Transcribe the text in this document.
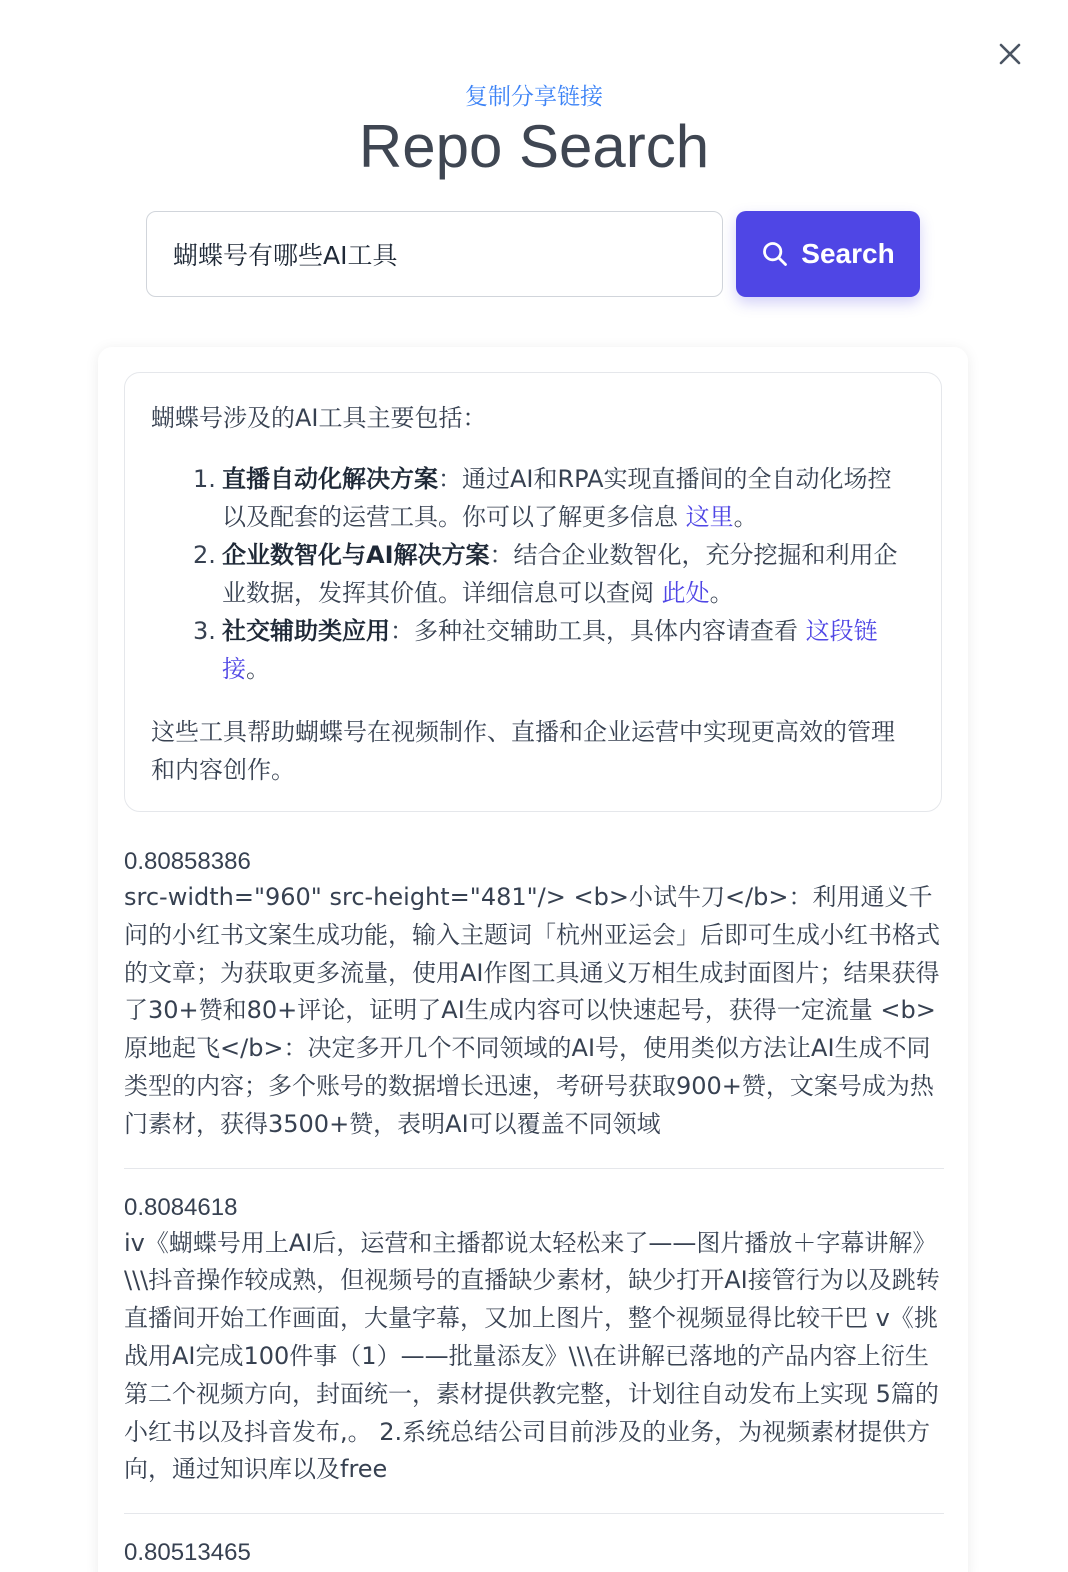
复制分享链接
Repo Search
蝴蝶号有哪些AI工具
Search

蝴蝶号涉及的AI工具主要包括：

1. 直播自动化解决方案：通过AI和RPA实现直播间的全自动化场控以及配套的运营工具。你可以了解更多信息 这里。
2. 企业数智化与AI解决方案：结合企业数智化，充分挖掘和利用企业数据，发挥其价值。详细信息可以查阅 此处。
3. 社交辅助类应用：多种社交辅助工具，具体内容请查看 这段链接。

这些工具帮助蝴蝶号在视频制作、直播和企业运营中实现更高效的管理和内容创作。

0.80858386
src-width="960" src-height="481"/> <b>小试牛刀</b>：利用通义千问的小红书文案生成功能，输入主题词「杭州亚运会」后即可生成小红书格式的文章；为获取更多流量，使用AI作图工具通义万相生成封面图片；结果获得了30+赞和80+评论，证明了AI生成内容可以快速起号，获得一定流量 <b>原地起飞</b>：决定多开几个不同领域的AI号，使用类似方法让AI生成不同类型的内容；多个账号的数据增长迅速，考研号获取900+赞，文案号成为热门素材，获得3500+赞，表明AI可以覆盖不同领域
0.8084618
iv《蝴蝶号用上AI后，运营和主播都说太轻松来了——图片播放＋字幕讲解》\\\抖音操作较成熟，但视频号的直播缺少素材，缺少打开AI接管行为以及跳转直播间开始工作画面，大量字幕，又加上图片，整个视频显得比较干巴 v《挑战用AI完成100件事（1）——批量添友》\\\在讲解已落地的产品内容上衍生第二个视频方向，封面统一，素材提供教完整，计划往自动发布上实现 5篇的小红书以及抖音发布,。 2.系统总结公司目前涉及的业务，为视频素材提供方向，通过知识库以及free
0.80513465
